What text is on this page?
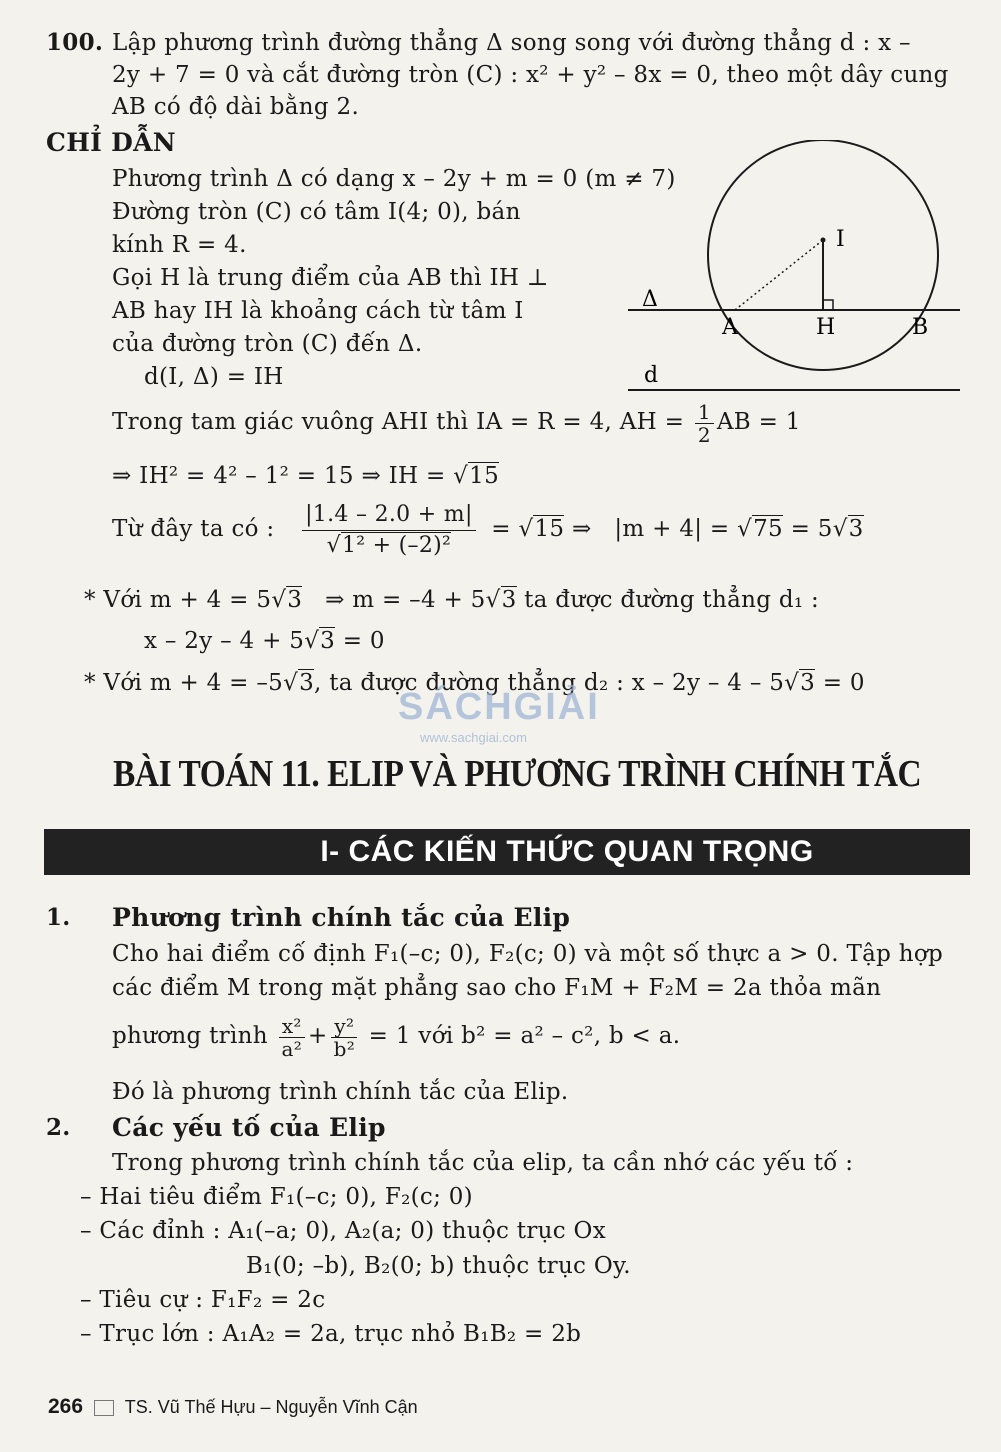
100. Lập phương trình đường thẳng Δ song song với đường thẳng d : x –
2y + 7 = 0 và cắt đường tròn (C) : x² + y² – 8x = 0, theo một dây cung
AB có độ dài bằng 2.
CHỈ DẪN
Phương trình Δ có dạng x – 2y + m = 0 (m ≠ 7)
Đường tròn (C) có tâm I(4; 0), bán
kính R = 4.
Gọi H là trung điểm của AB thì IH ⊥
AB hay IH là khoảng cách từ tâm I
của đường tròn (C) đến Δ.
d(I, Δ) = IH
I
Δ
A	H	B
d
Trong tam giác vuông AHI thì IA = R = 4, AH = $\frac{1}{2}$ AB = 1
⇒ IH² = 4² – 1² = 15 ⇒ IH = √15
Từ đây ta có : $\frac{|1.4 - 2.0 + m|}{\text{√1² + (–2)²}} = √15$ ⇒ |m + 4| = √75 = 5√3
* Với m + 4 = 5√3 ⇒ m = –4 + 5√3 ta được đường thẳng d₁ :
x – 2y – 4 + 5√3 = 0
* Với m + 4 = –5√3, ta được đường thẳng d₂ : x – 2y – 4 – 5√3 = 0
SÁCHGIẢI
www.sachgiai.com
BÀI TOÁN 11. ELIP VÀ PHƯƠNG TRÌNH CHÍNH TẮC
I- CÁC KIẾN THỨC QUAN TRỌNG
1. Phương trình chính tắc của Elip
Cho hai điểm cố định F₁(–c; 0), F₂(c; 0) và một số thực a > 0. Tập hợp
các điểm M trong mặt phẳng sao cho F₁M + F₂M = 2a thỏa mãn
phương trình $\frac{\text{x²}}{\text{a²}} + \frac{\text{y²}}{\text{b²}} = 1$ với b² = a² – c², b < a.
Đó là phương trình chính tắc của Elip.
2. Các yếu tố của Elip
Trong phương trình chính tắc của elip, ta cần nhớ các yếu tố :
– Hai tiêu điểm F₁(–c; 0), F₂(c; 0)
– Các đỉnh : A₁(–a; 0), A₂(a; 0) thuộc trục Ox
B₁(0; –b), B₂(0; b) thuộc trục Oy.
– Tiêu cự : F₁F₂ = 2c
– Trục lớn : A₁A₂ = 2a, trục nhỏ B₁B₂ = 2b
266 TS. Vũ Thế Hựu – Nguyễn Vĩnh Cận
